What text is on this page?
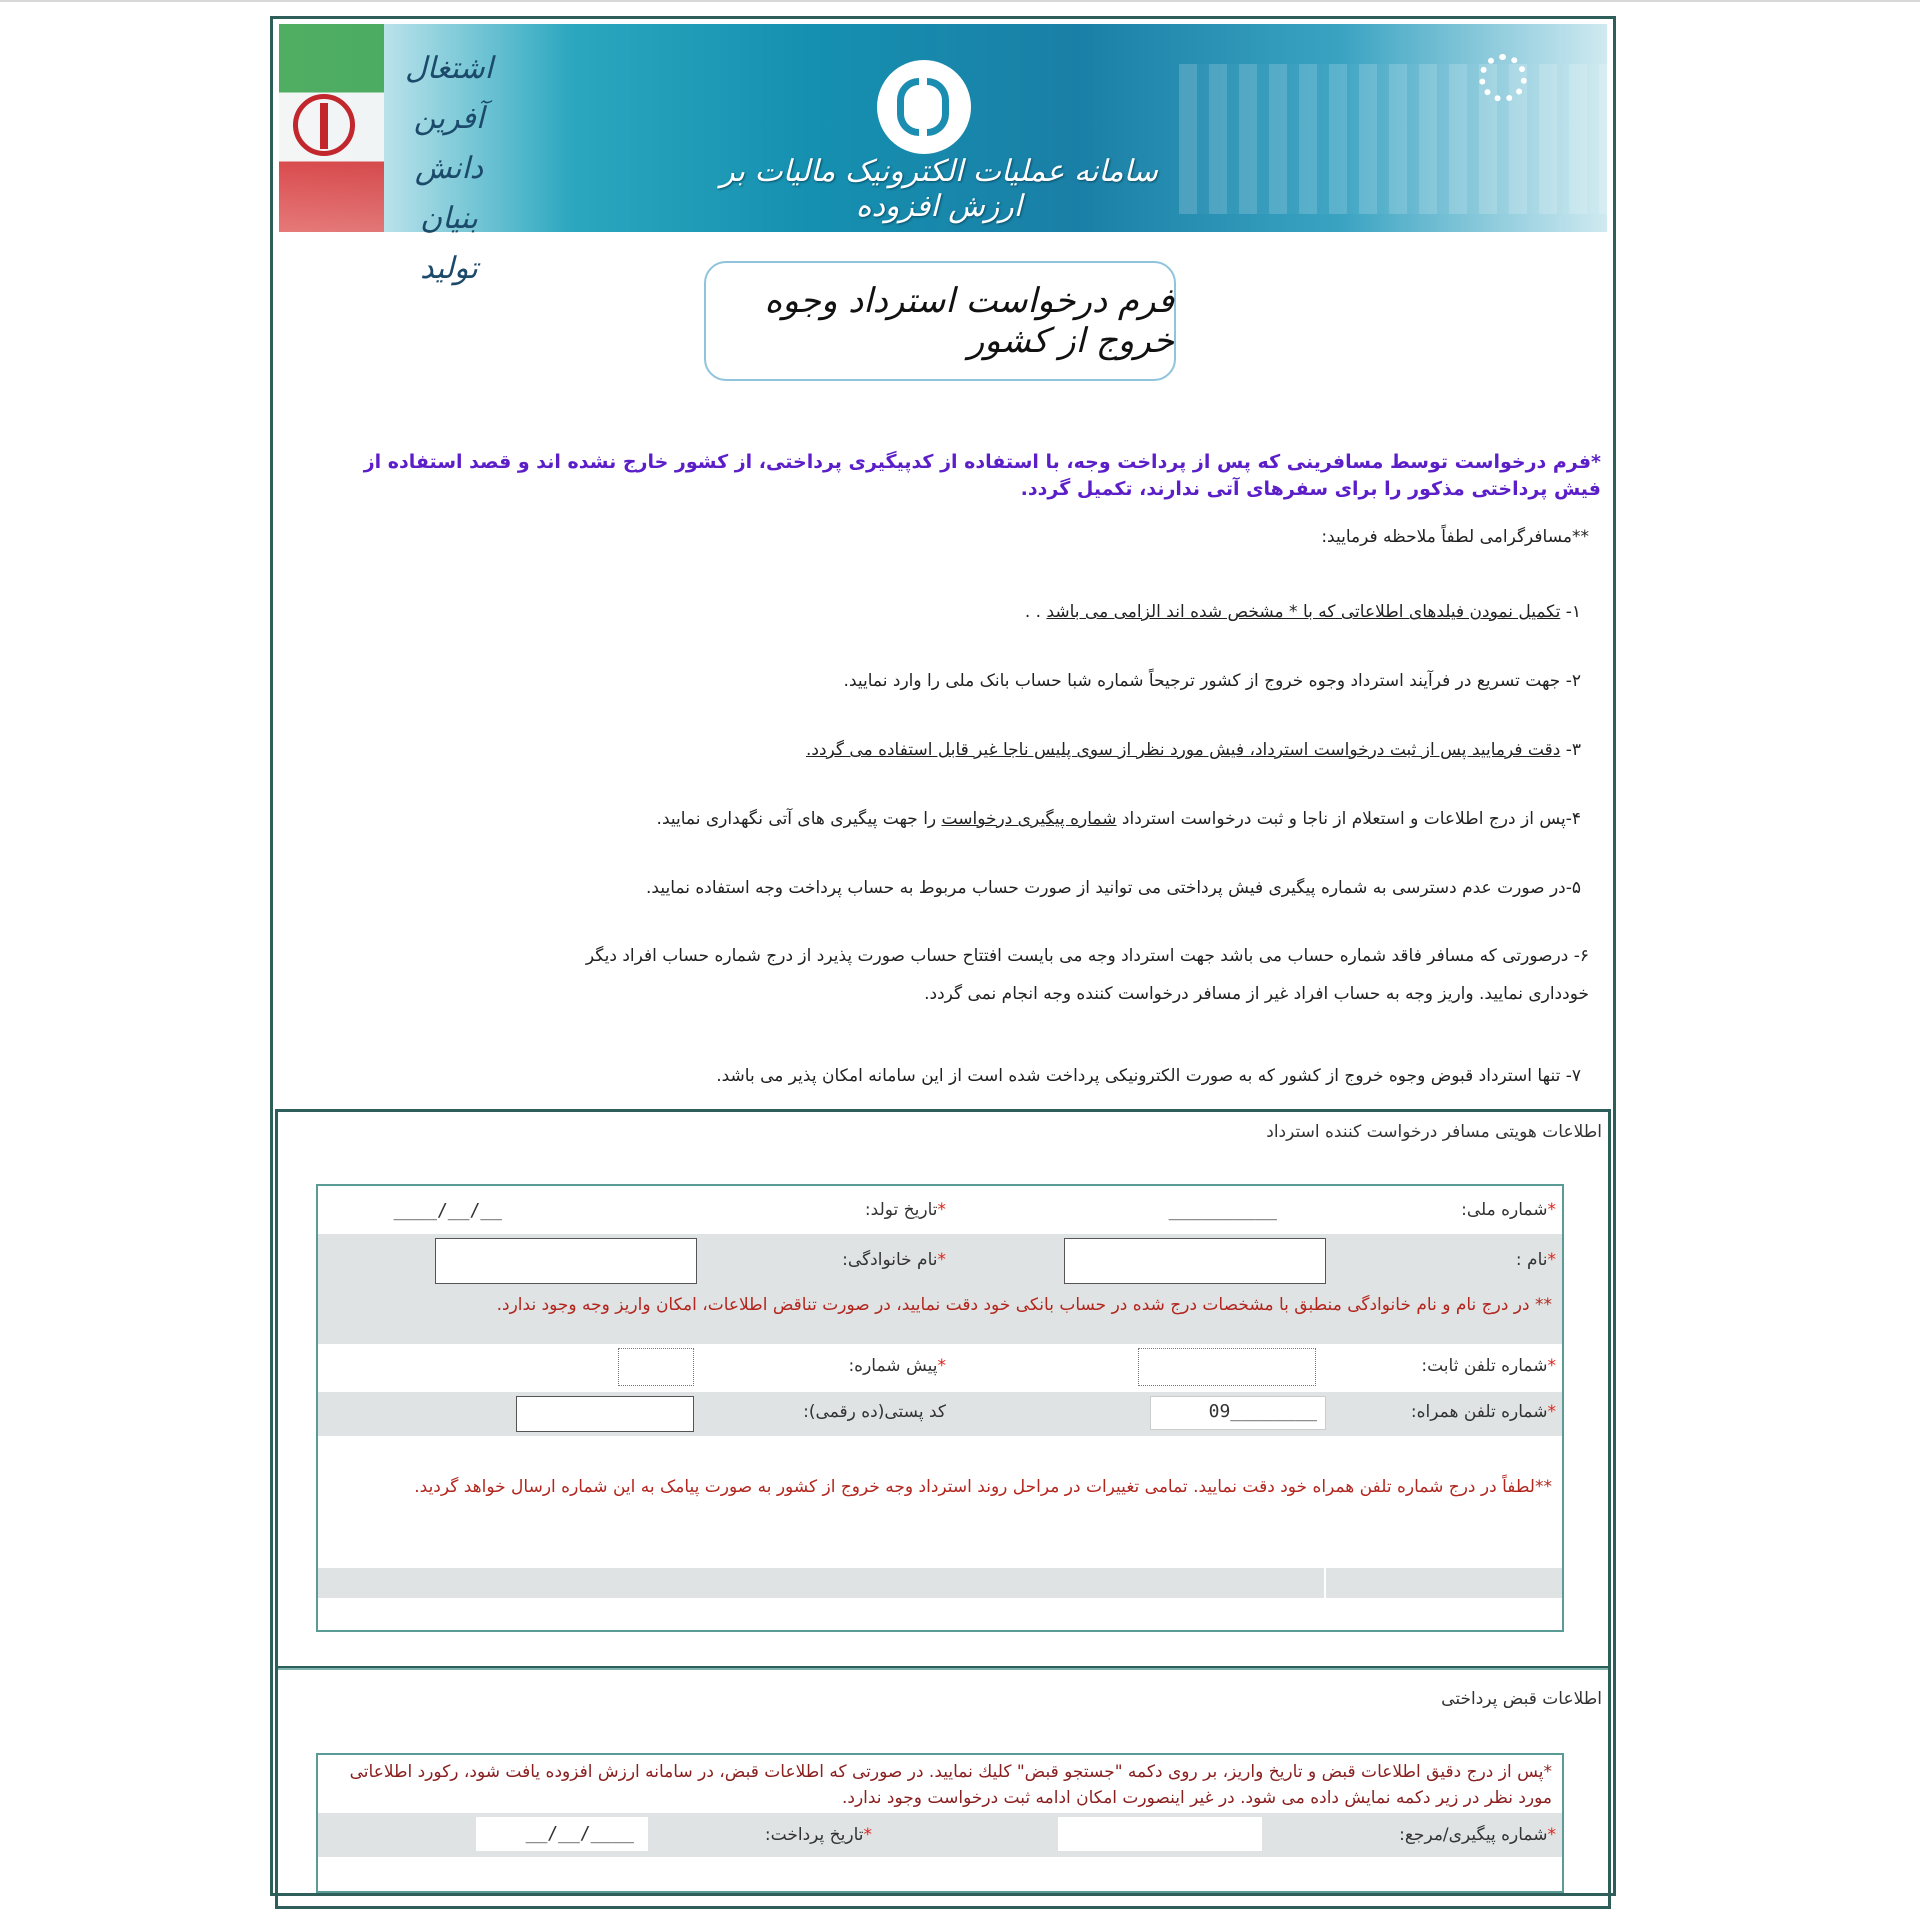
اشتغال آفرین
دانش بنیان
تولید
سامانه عملیات الکترونیک مالیات بر ارزش افزوده
فرم درخواست استرداد وجوه خروج از کشور
*فرم درخواست توسط مسافرینی که پس از پرداخت وجه، با استفاده از کدپیگیری پرداختی، از کشور خارج نشده اند و قصد استفاده از فیش پرداختی مذکور را برای سفرهای آتی ندارند، تکمیل گردد.
**مسافرگرامی لطفاً ملاحظه فرمایید:
۱- تکمیل نمودن فیلدهای اطلاعاتی که با * مشخص شده اند الزامی می باشد . .
۲- جهت تسریع در فرآیند استرداد وجوه خروج از کشور ترجیحاً شماره شبا حساب بانک ملی را وارد نمایید.
۳- دقت فرمایید پس از ثبت درخواست استرداد، فیش مورد نظر از سوی پلیس ناجا غیر قابل استفاده می گردد.
۴-پس از درج اطلاعات و استعلام از ناجا و ثبت درخواست استرداد شماره پیگیری درخواست را جهت پیگیری های آتی نگهداری نمایید.
۵-در صورت عدم دسترسی به شماره پیگیری فیش پرداختی می توانید از صورت حساب مربوط به حساب پرداخت وجه استفاده نمایید.
۶- درصورتی که مسافر فاقد شماره حساب می باشد جهت استرداد وجه می بایست افتتاح حساب صورت پذیرد از درج شماره حساب افراد دیگر
خودداری نمایید. واریز وجه به حساب افراد غیر از مسافر درخواست کننده وجه انجام نمی گردد.
۷- تنها استرداد قبوض وجوه خروج از کشور که به صورت الکترونیکی پرداخت شده است از این سامانه امکان پذیر می باشد.
اطلاعات هویتی مسافر درخواست کننده استرداد
*شماره ملی:
__________
*تاریخ تولد:
__/__/____
*نام :
*نام خانوادگی:
** در درج نام و نام خانوادگی منطبق با مشخصات درج شده در حساب بانکی خود دقت نمایید، در صورت تناقض اطلاعات، امکان واریز وجه وجود ندارد.
*شماره تلفن ثابت:
*پیش شماره:
*شماره تلفن همراه:
09________
کد پستی(ده رقمی):
**لطفاً در درج شماره تلفن همراه خود دقت نمایید. تمامی تغییرات در مراحل روند استرداد وجه خروج از کشور به صورت پیامک به این شماره ارسال خواهد گردید.
اطلاعات قبض پرداختی
*پس از درج دقیق اطلاعات قبض و تاریخ واریز، بر روی دکمه "جستجو قبض" کلیك نمایید. در صورتی که اطلاعات قبض، در سامانه ارزش افزوده یافت شود، رکورد اطلاعاتی مورد نظر در زیر دکمه نمایش داده می شود. در غیر اینصورت امکان ادامه ثبت درخواست وجود ندارد.
*شماره پیگیری/مرجع:
*تاریخ پرداخت:
__/__/____
